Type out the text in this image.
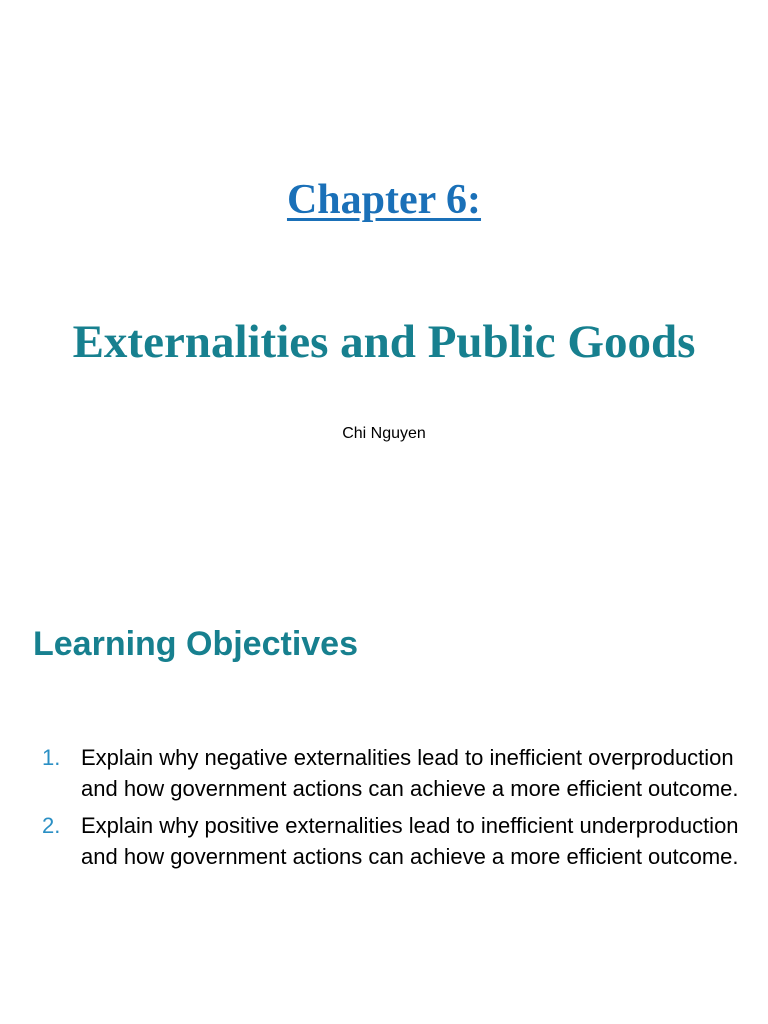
Chapter 6:
Externalities and Public Goods
Chi Nguyen
Learning Objectives
1. Explain why negative externalities lead to inefficient overproduction and how government actions can achieve a more efficient outcome.
2. Explain why positive externalities lead to inefficient underproduction and how government actions can achieve a more efficient outcome.
